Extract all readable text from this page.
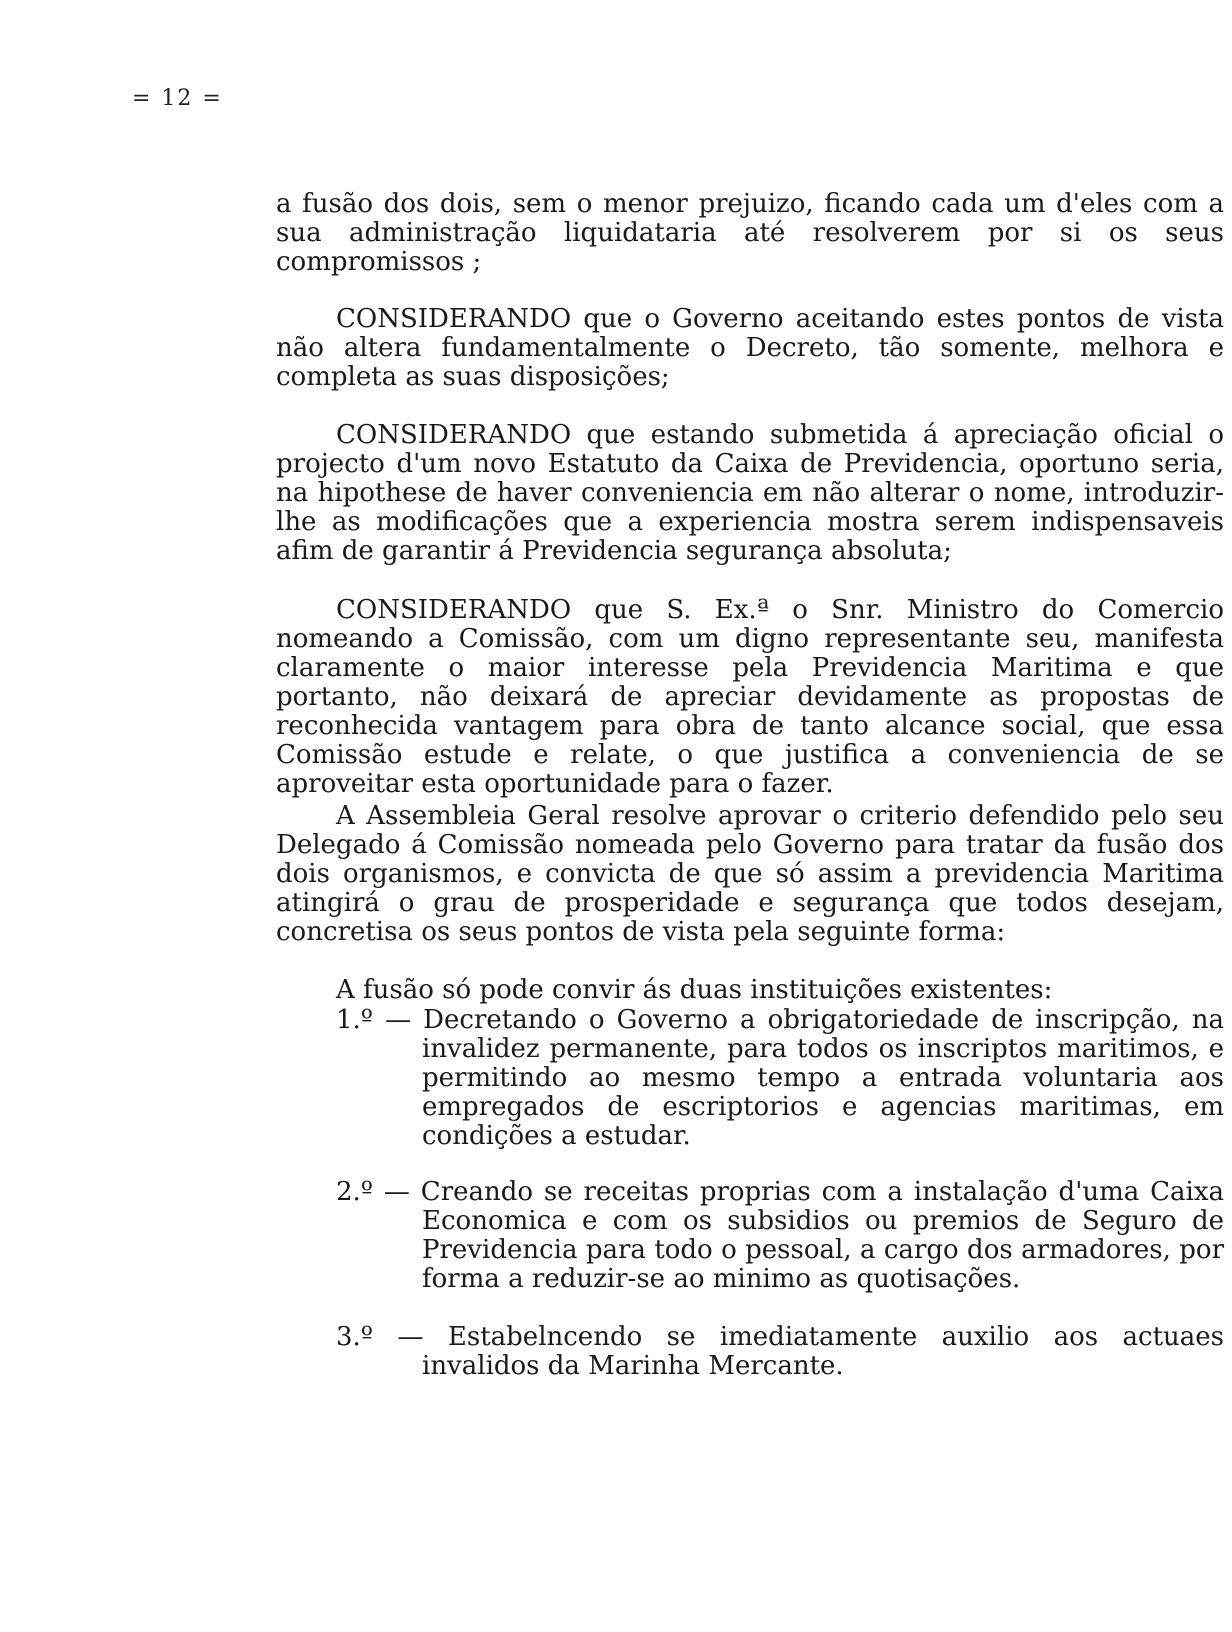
= 12 =

a fusão dos dois, sem o menor prejuizo, ficando cada um d'eles com a sua administração liquidataria até resolverem por si os seus compromissos ;

CONSIDERANDO que o Governo aceitando estes pontos de vista não altera fundamentalmente o Decreto, tão somente, melhora e completa as suas disposições;

CONSIDERANDO que estando submetida á apreciação oficial o projecto d'um novo Estatuto da Caixa de Previdencia, oportuno seria, na hipothese de haver conveniencia em não alterar o nome, introduzir-lhe as modificações que a experiencia mostra serem indispensaveis afim de garantir á Previdencia segurança absoluta;

CONSIDERANDO que S. Ex.ª o Snr. Ministro do Comercio nomeando a Comissão, com um digno representante seu, manifesta claramente o maior interesse pela Previdencia Maritima e que portanto, não deixará de apreciar devidamente as propostas de reconhecida vantagem para obra de tanto alcance social, que essa Comissão estude e relate, o que justifica a conveniencia de se aproveitar esta oportunidade para o fazer.

A Assembleia Geral resolve aprovar o criterio defendido pelo seu Delegado á Comissão nomeada pelo Governo para tratar da fusão dos dois organismos, e convicta de que só assim a previdencia Maritima atingirá o grau de prosperidade e segurança que todos desejam, concretisa os seus pontos de vista pela seguinte forma:

A fusão só pode convir ás duas instituições existentes:

1.º — Decretando o Governo a obrigatoriedade de inscripção, na invalidez permanente, para todos os inscriptos maritimos, e permitindo ao mesmo tempo a entrada voluntaria aos empregados de escriptorios e agencias maritimas, em condições a estudar.
2.º — Creando se receitas proprias com a instalação d'uma Caixa Economica e com os subsidios ou premios de Seguro de Previdencia para todo o pessoal, a cargo dos armadores, por forma a reduzir-se ao minimo as quotisações.
3.º — Estabelncendo se imediatamente auxilio aos actuaes invalidos da Marinha Mercante.
